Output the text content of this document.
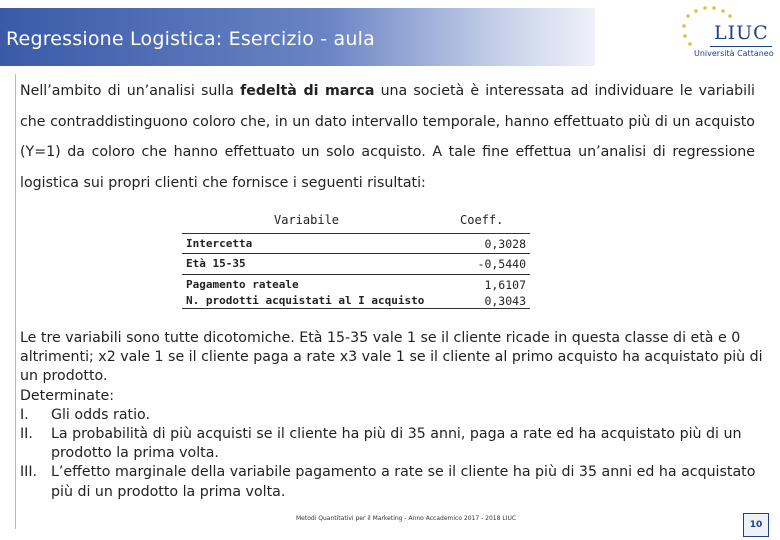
Regressione Logistica: Esercizio - aula	LIUC
Università Cattaneo
Nell’ambito di un’analisi sulla fedeltà di marca una società è interessata ad individuare le variabili che contraddistinguono coloro che, in un dato intervallo temporale, hanno effettuato più di un acquisto (Y=1) da coloro che hanno effettuato un solo acquisto. A tale fine effettua un’analisi di regressione logistica sui propri clienti che fornisce i seguenti risultati:
Variabile	Coeff.
Intercetta	0,3028
Età 15-35	-0,5440
Pagamento rateale	1,6107
N. prodotti acquistati al I acquisto	0,3043

Le tre variabili sono tutte dicotomiche. Età 15-35 vale 1 se il cliente ricade in questa classe di età e 0 altrimenti; x2 vale 1 se il cliente paga a rate x3 vale 1 se il cliente al primo acquisto ha acquistato più di un prodotto.

Determinate:

I. Gli odds ratio.
II. La probabilità di più acquisti se il cliente ha più di 35 anni, paga a rate ed ha acquistato più di un prodotto la prima volta.
III. L’effetto marginale della variabile pagamento a rate se il cliente ha più di 35 anni ed ha acquistato più di un prodotto la prima volta.
Metodi Quantitativi per il Marketing - Anno Accademico 2017 - 2018 LIUC
10
